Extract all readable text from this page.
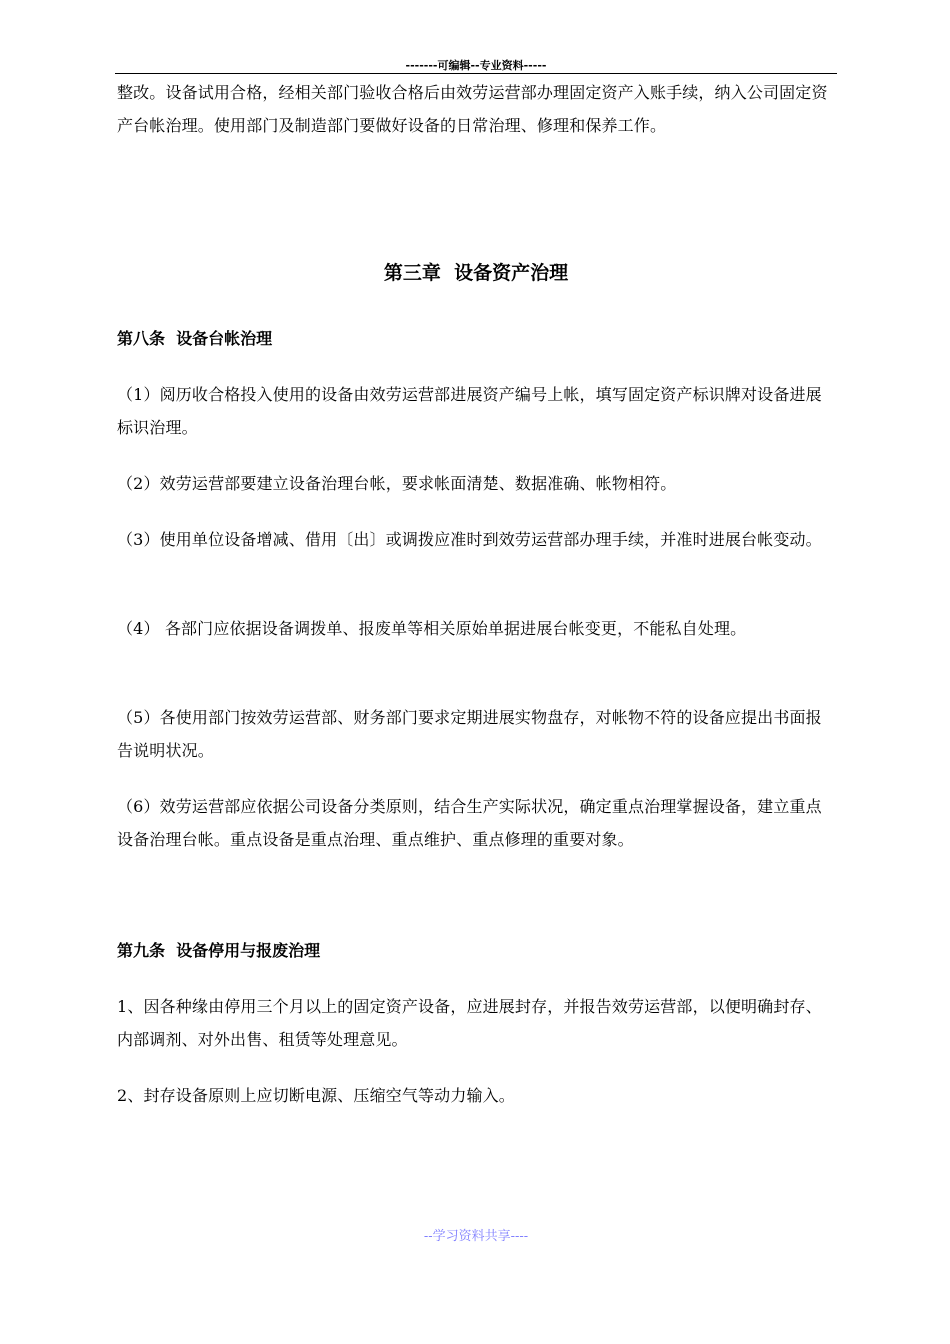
-------可编辑--专业资料-----

整改。设备试用合格，经相关部门验收合格后由效劳运营部办理固定资产入账手续，纳入公司固定资产台帐治理。使用部门及制造部门要做好设备的日常治理、修理和保养工作。

第三章  设备资产治理
第八条  设备台帐治理

（1）阅历收合格投入使用的设备由效劳运营部进展资产编号上帐，填写固定资产标识牌对设备进展标识治理。

（2）效劳运营部要建立设备治理台帐，要求帐面清楚、数据准确、帐物相符。

（3）使用单位设备增减、借用〔出〕或调拨应准时到效劳运营部办理手续，并准时进展台帐变动。

（4） 各部门应依据设备调拨单、报废单等相关原始单据进展台帐变更，不能私自处理。

（5）各使用部门按效劳运营部、财务部门要求定期进展实物盘存，对帐物不符的设备应提出书面报告说明状况。

（6）效劳运营部应依据公司设备分类原则，结合生产实际状况，确定重点治理掌握设备，建立重点设备治理台帐。重点设备是重点治理、重点维护、重点修理的重要对象。

第九条  设备停用与报废治理

1、因各种缘由停用三个月以上的固定资产设备，应进展封存，并报告效劳运营部，以便明确封存、内部调剂、对外出售、租赁等处理意见。

2、封存设备原则上应切断电源、压缩空气等动力输入。

--学习资料共享----
